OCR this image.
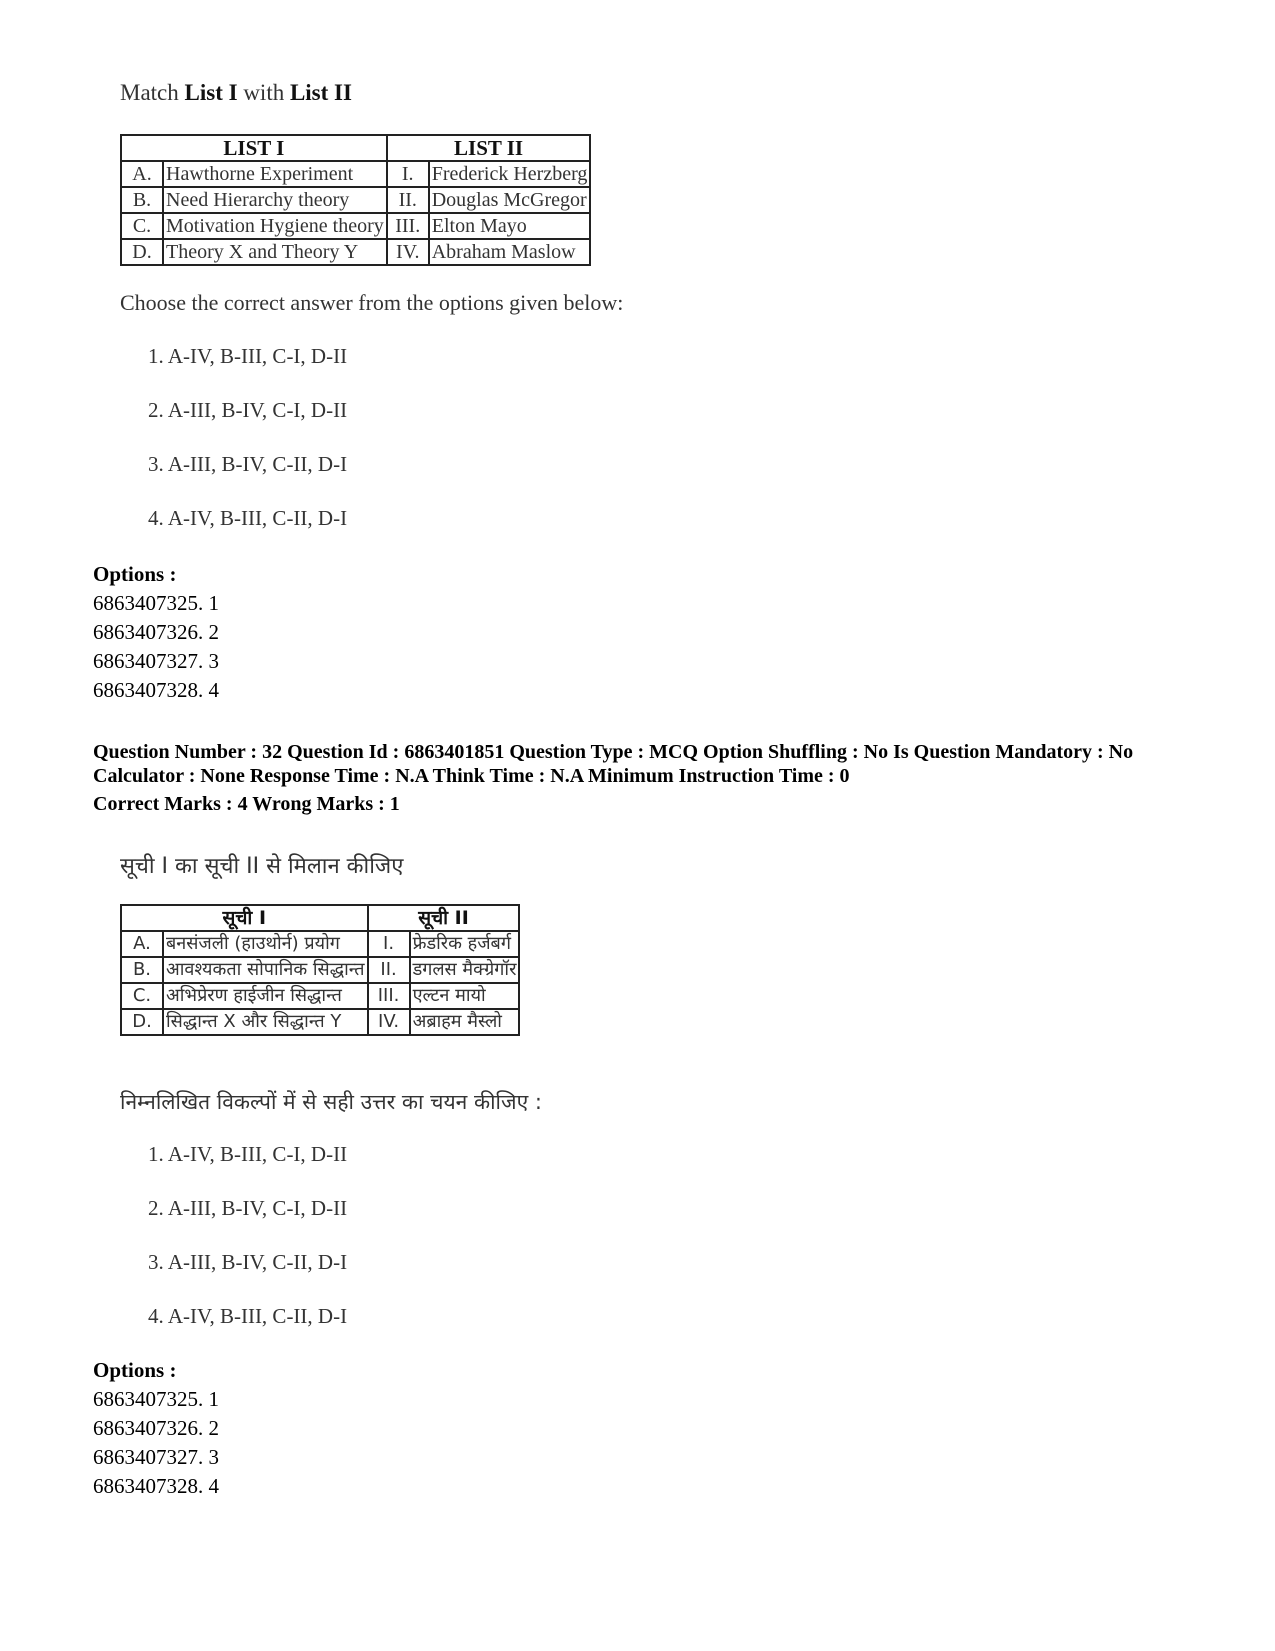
Match List I with List II
LIST I		LIST II	
A.	Hawthorne Experiment	I.	Frederick Herzberg
B.	Need Hierarchy theory	II.	Douglas McGregor
C.	Motivation Hygiene theory	III.	Elton Mayo
D.	Theory X and Theory Y	IV.	Abraham Maslow
Choose the correct answer from the options given below:
1. A-IV, B-III, C-I, D-II
2. A-III, B-IV, C-I, D-II
3. A-III, B-IV, C-II, D-I
4. A-IV, B-III, C-II, D-I
Options :
6863407325. 1
6863407326. 2
6863407327. 3
6863407328. 4
Question Number : 32 Question Id : 6863401851 Question Type : MCQ Option Shuffling : No Is Question Mandatory : No Calculator : None Response Time : N.A Think Time : N.A Minimum Instruction Time : 0
Correct Marks : 4 Wrong Marks : 1
सूची I का सूची II से मिलान कीजिए
सूची I		सूची II	
A.	बनसंजली (हाउथोर्न) प्रयोग	I.	फ्रेडरिक हर्जबर्ग
B.	आवश्यकता सोपानिक सिद्धान्त	II.	डगलस मैक्ग्रेगॉर
C.	अभिप्रेरण हाईजीन सिद्धान्त	III.	एल्टन मायो
D.	सिद्धान्त X और सिद्धान्त Y	IV.	अब्राहम मैस्लो
निम्नलिखित विकल्पों में से सही उत्तर का चयन कीजिए :
1. A-IV, B-III, C-I, D-II
2. A-III, B-IV, C-I, D-II
3. A-III, B-IV, C-II, D-I
4. A-IV, B-III, C-II, D-I
Options :
6863407325. 1
6863407326. 2
6863407327. 3
6863407328. 4
